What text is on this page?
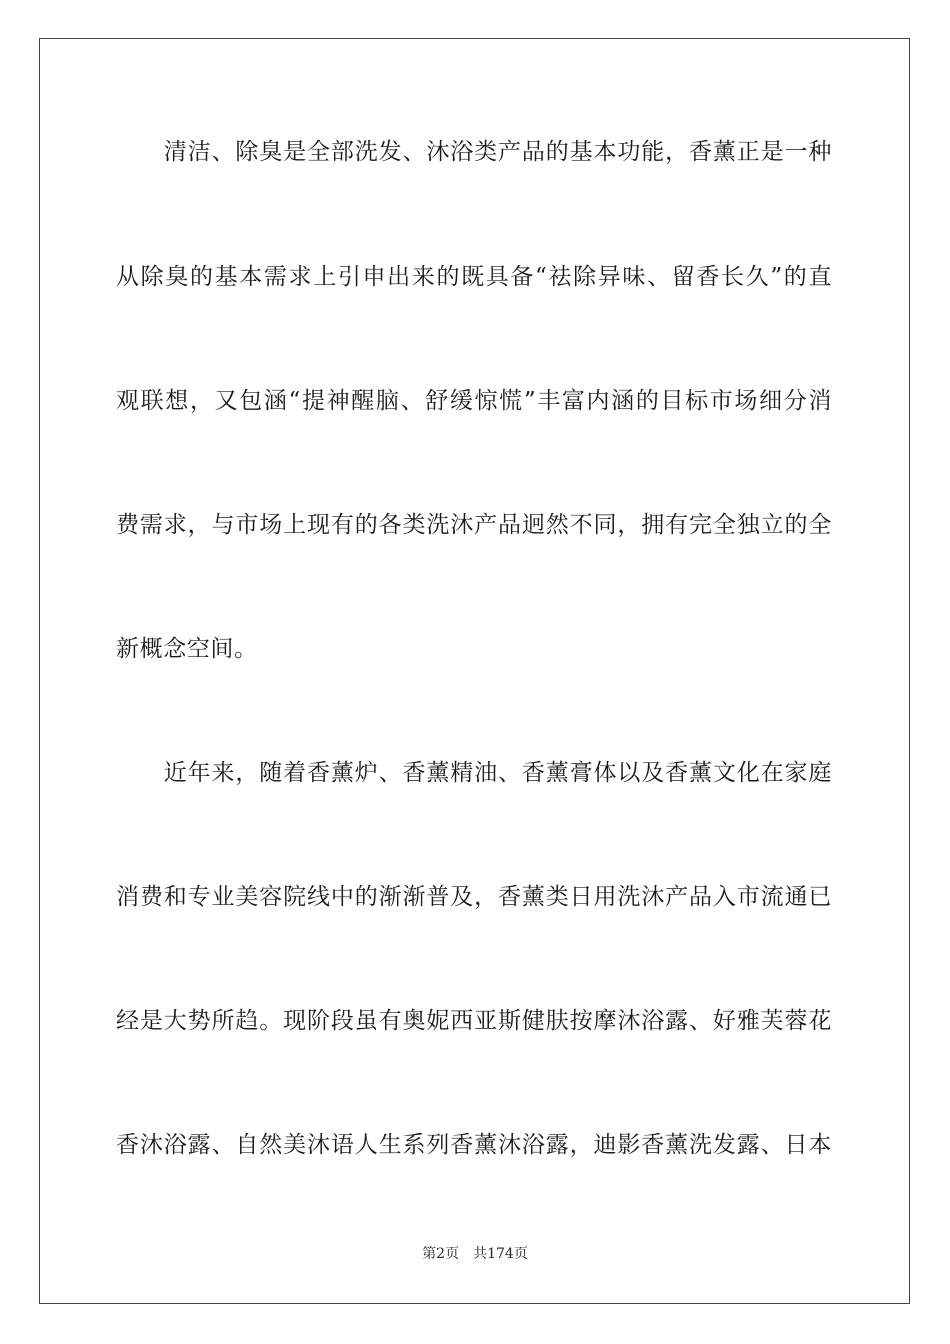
　　清洁、除臭是全部洗发、沐浴类产品的基本功能，香薰正是一种
从除臭的基本需求上引申出来的既具备“祛除异味、留香长久”的直
观联想，又包涵“提神醒脑、舒缓惊慌”丰富内涵的目标市场细分消
费需求，与市场上现有的各类洗沐产品迥然不同，拥有完全独立的全
新概念空间。
　　近年来，随着香薰炉、香薰精油、香薰膏体以及香薰文化在家庭
消费和专业美容院线中的渐渐普及，香薰类日用洗沐产品入市流通已
经是大势所趋。现阶段虽有奥妮西亚斯健肤按摩沐浴露、好雅芙蓉花
香沐浴露、自然美沐语人生系列香薰沐浴露，迪影香薰洗发露、日本
第2页 共174页
